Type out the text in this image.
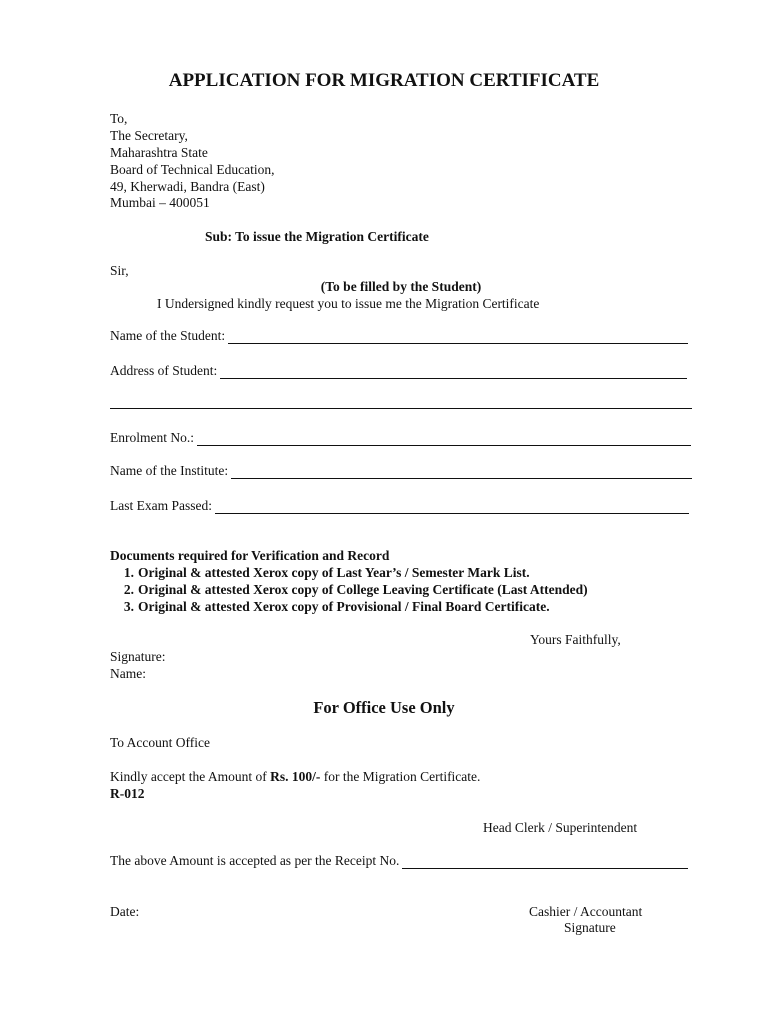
APPLICATION FOR MIGRATION CERTIFICATE
To,
The Secretary,
Maharashtra State
Board of Technical Education,
49, Kherwadi, Bandra (East)
Mumbai – 400051
Sub: To issue the Migration Certificate
Sir,
(To be filled by the Student)
I Undersigned kindly request you to issue me the Migration Certificate
Name of the Student:
Address of Student:
Enrolment No.:
Name of the Institute:
Last Exam Passed:
Documents required for Verification and Record
1. Original & attested Xerox copy of Last Year’s / Semester Mark List.
2. Original & attested Xerox copy of College Leaving Certificate (Last Attended)
3. Original & attested Xerox copy of Provisional / Final Board Certificate.
Yours Faithfully,
Signature:
Name:
For Office Use Only
To Account Office
Kindly accept the Amount of Rs. 100/- for the Migration Certificate.
R-012
Head Clerk / Superintendent
The above Amount is accepted as per the Receipt No.
Date:	Cashier / Accountant
Signature
